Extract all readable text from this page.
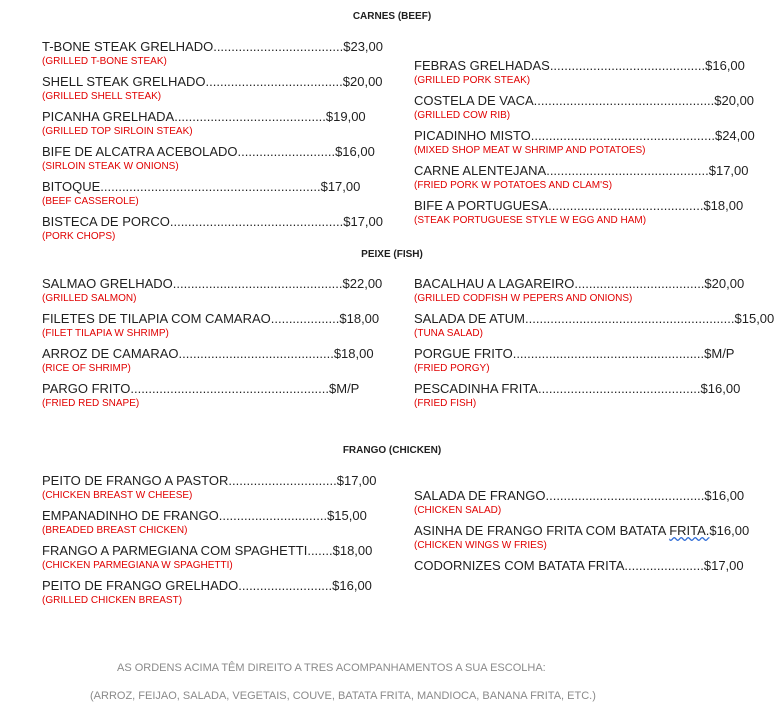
CARNES (BEEF)
T-BONE STEAK GRELHADO....................................$23,00
(GRILLED T-BONE STEAK)
SHELL STEAK GRELHADO......................................$20,00
(GRILLED SHELL STEAK)
PICANHA GRELHADA..........................................$19,00
(GRILLED TOP SIRLOIN STEAK)
BIFE DE ALCATRA ACEBOLADO...........................$16,00
(SIRLOIN STEAK W ONIONS)
BITOQUE.............................................................$17,00
(BEEF CASSEROLE)
BISTECA DE PORCO................................................$17,00
(PORK CHOPS)
FEBRAS GRELHADAS...........................................$16,00
(GRILLED PORK STEAK)
COSTELA DE VACA..................................................$20,00
(GRILLED COW RIB)
PICADINHO MISTO...................................................$24,00
(MIXED SHOP MEAT W SHRIMP AND POTATOES)
CARNE ALENTEJANA.............................................$17,00
(FRIED PORK W POTATOES AND CLAM'S)
BIFE A PORTUGUESA...........................................$18,00
(STEAK PORTUGUESE STYLE W EGG AND HAM)
PEIXE (FISH)
SALMAO GRELHADO...............................................$22,00
(GRILLED SALMON)
FILETES DE TILAPIA COM CAMARAO...................$18,00
(FILET TILAPIA W SHRIMP)
ARROZ DE CAMARAO...........................................$18,00
(RICE OF SHRIMP)
PARGO FRITO.......................................................$M/P
(FRIED RED SNAPE)
BACALHAU A LAGAREIRO....................................$20,00
(GRILLED CODFISH W PEPERS AND ONIONS)
SALADA DE ATUM..........................................................$15,00
(TUNA SALAD)
PORGUE FRITO.....................................................$M/P
(FRIED PORGY)
PESCADINHA FRITA.............................................$16,00
(FRIED FISH)
FRANGO (CHICKEN)
PEITO DE FRANGO A PASTOR..............................$17,00
(CHICKEN BREAST W CHEESE)
EMPANADINHO DE FRANGO..............................$15,00
(BREADED BREAST CHICKEN)
FRANGO A PARMEGIANA COM SPAGHETTI.......$18,00
(CHICKEN PARMEGIANA W SPAGHETTI)
PEITO DE FRANGO GRELHADO..........................$16,00
(GRILLED CHICKEN BREAST)
SALADA DE FRANGO............................................$16,00
(CHICKEN SALAD)
ASINHA DE FRANGO FRITA COM BATATA FRITA.$16,00
(CHICKEN WINGS W FRIES)
CODORNIZES COM BATATA FRITA......................$17,00
AS ORDENS ACIMA TÊM DIREITO A TRES ACOMPANHAMENTOS A SUA ESCOLHA:
(ARROZ, FEIJAO, SALADA, VEGETAIS, COUVE, BATATA FRITA, MANDIOCA, BANANA FRITA, ETC.)
